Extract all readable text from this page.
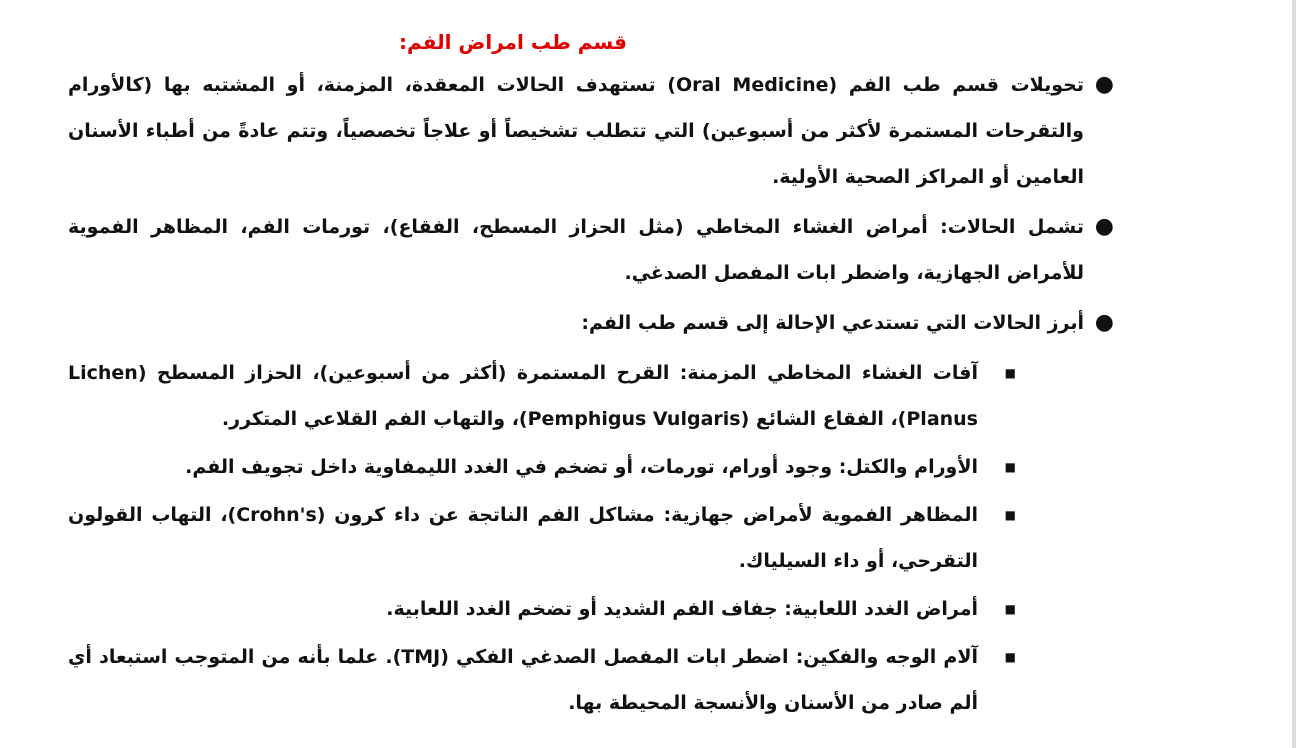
قسم طب امراض الفم:

●

تحويلات قسم طب الفم (Oral Medicine) تستهدف الحالات المعقدة، المزمنة، أو المشتبه بها (كالأورام والتقرحات المستمرة لأكثر من أسبوعين) التي تتطلب تشخيصاً أو علاجاً تخصصياً، وتتم عادةً من أطباء الأسنان العامين أو المراكز الصحية الأولية.

●

تشمل الحالات: أمراض الغشاء المخاطي (مثل الحزاز المسطح، الفقاع)، تورمات الفم، المظاهر الفموية للأمراض الجهازية، واضطر ابات المفصل الصدغي.

●

أبرز الحالات التي تستدعي الإحالة إلى قسم طب الفم:

■

آفات الغشاء المخاطي المزمنة: القرح المستمرة (أكثر من أسبوعين)، الحزاز المسطح (Lichen Planus)، الفقاع الشائع (Pemphigus Vulgaris)، والتهاب الفم القلاعي المتكرر.

■

الأورام والكتل: وجود أورام، تورمات، أو تضخم في الغدد الليمفاوية داخل تجويف الفم.

■

المظاهر الفموية لأمراض جهازية: مشاكل الفم الناتجة عن داء كرون (Crohn's)، التهاب القولون التقرحي، أو داء السيلياك.

■

أمراض الغدد اللعابية: جفاف الفم الشديد أو تضخم الغدد اللعابية.

■

آلام الوجه والفكين: اضطر ابات المفصل الصدغي الفكي (TMJ). علما بأنه من المتوجب استبعاد أي ألم صادر من الأسنان والأنسجة المحيطة بها.
